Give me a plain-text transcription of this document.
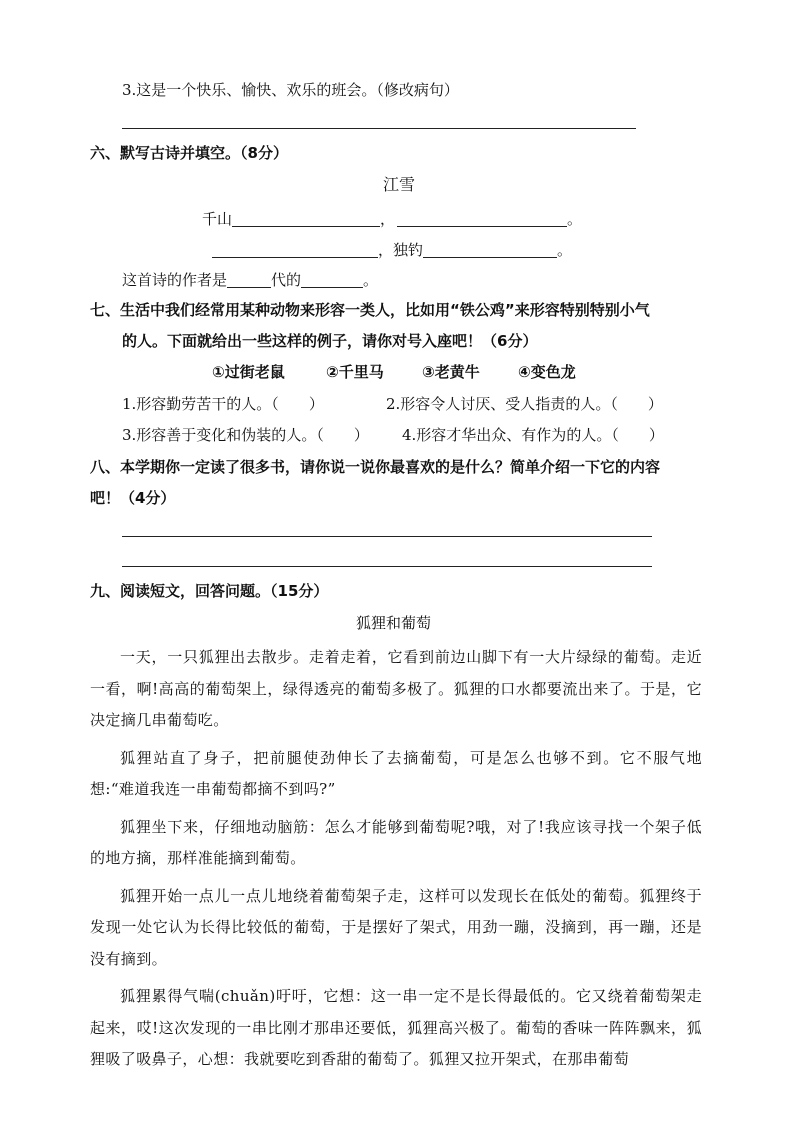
3.这是一个快乐、愉快、欢乐的班会。（修改病句）
六、默写古诗并填空。（8分）
江雪
千山	，	。
，独钓	。
这首诗的作者是	代的	。
七、生活中我们经常用某种动物来形容一类人，比如用“铁公鸡”来形容特别特别小气
的人。下面就给出一些这样的例子，请你对号入座吧！（6分）
①过街老鼠	②千里马	③老黄牛	④变色龙
1.形容勤劳苦干的人。（　　）	2.形容令人讨厌、受人指责的人。（　　）
3.形容善于变化和伪装的人。（　　） 4.形容才华出众、有作为的人。（　　）
八、本学期你一定读了很多书，请你说一说你最喜欢的是什么？简单介绍一下它的内容
吧！（4分）
九、阅读短文，回答问题。（15分）
狐狸和葡萄

一天，一只狐狸出去散步。走着走着，它看到前边山脚下有一大片绿绿的葡萄。走近一看，啊!高高的葡萄架上，绿得透亮的葡萄多极了。狐狸的口水都要流出来了。于是，它决定摘几串葡萄吃。

狐狸站直了身子，把前腿使劲伸长了去摘葡萄，可是怎么也够不到。它不服气地想:“难道我连一串葡萄都摘不到吗?”

狐狸坐下来，仔细地动脑筋：怎么才能够到葡萄呢?哦，对了!我应该寻找一个架子低的地方摘，那样准能摘到葡萄。

狐狸开始一点儿一点儿地绕着葡萄架子走，这样可以发现长在低处的葡萄。狐狸终于发现一处它认为长得比较低的葡萄，于是摆好了架式，用劲一蹦，没摘到，再一蹦，还是没有摘到。

狐狸累得气喘(chuǎn)吁吁，它想：这一串一定不是长得最低的。它又绕着葡萄架走起来，哎!这次发现的一串比刚才那串还要低，狐狸高兴极了。葡萄的香味一阵阵飘来，狐狸吸了吸鼻子，心想：我就要吃到香甜的葡萄了。狐狸又拉开架式，在那串葡萄
